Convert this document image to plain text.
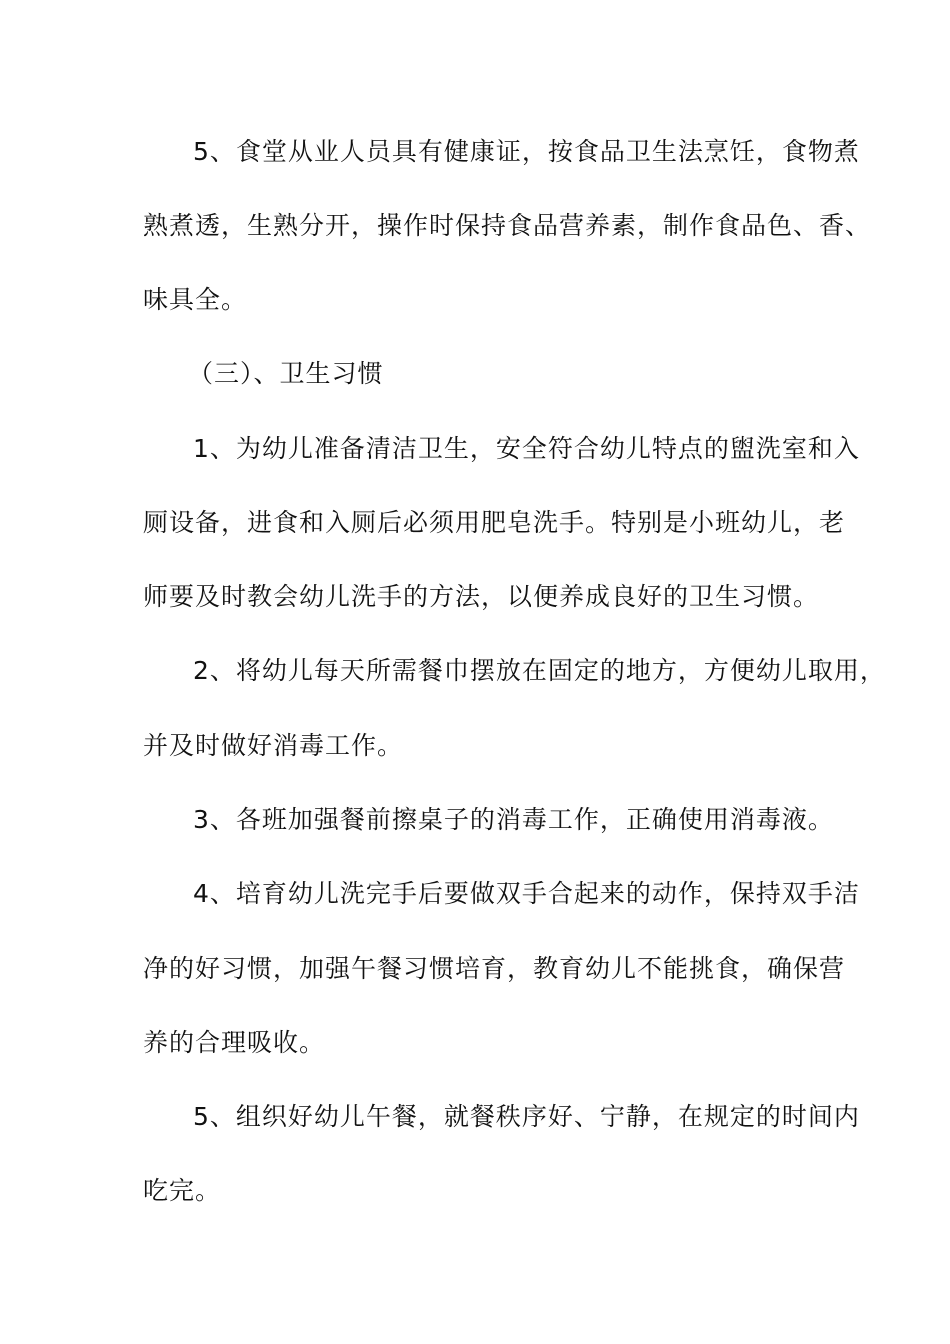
5、食堂从业人员具有健康证，按食品卫生法烹饪，食物煮
熟煮透，生熟分开，操作时保持食品营养素，制作食品色、香、
味具全。
（三）、卫生习惯
1、为幼儿准备清洁卫生，安全符合幼儿特点的盥洗室和入
厕设备，进食和入厕后必须用肥皂洗手。特别是小班幼儿，老
师要及时教会幼儿洗手的方法，以便养成良好的卫生习惯。
2、将幼儿每天所需餐巾摆放在固定的地方，方便幼儿取用，
并及时做好消毒工作。
3、各班加强餐前擦桌子的消毒工作，正确使用消毒液。
4、培育幼儿洗完手后要做双手合起来的动作，保持双手洁
净的好习惯，加强午餐习惯培育，教育幼儿不能挑食，确保营
养的合理吸收。
5、组织好幼儿午餐，就餐秩序好、宁静，在规定的时间内
吃完。
